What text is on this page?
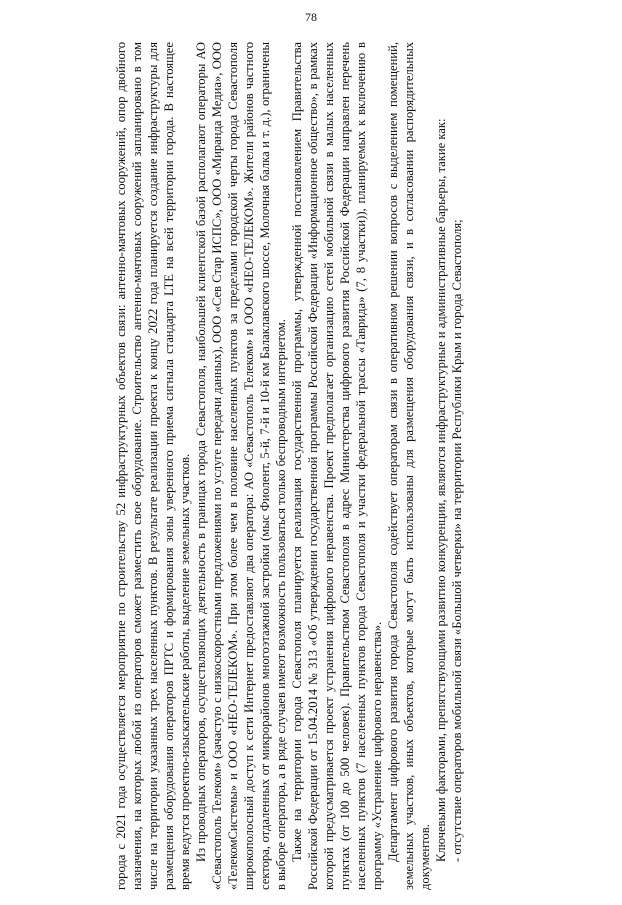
78

города с 2021 года осуществляется мероприятие по строительству 52 инфраструктурных объектов связи: антенно-мачтовых сооружений, опор двойного назначения, на которых любой из операторов сможет разместить свое оборудование. Строительство антенно-мачтовых сооружений запланировано в том числе на территории указанных трех населенных пунктов. В результате реализации проекта к концу 2022 года планируется создание инфраструктуры для размещения оборудования операторов ПРТС и формирования зоны уверенного приема сигнала стандарта LTE на всей территории города. В настоящее время ведутся проектно-изыскательские работы, выделение земельных участков. Из проводных операторов, осуществляющих деятельность в границах города Севастополя, наибольшей клиентской базой располагают операторы АО «Севастополь Телеком» (зачастую с низкоскоростными предложениями по услуге передачи данных), ООО «Сев Стар ИСПС», ООО «Миранда Медиа», ООО «ТелекомСистемы» и ООО «НЕО-ТЕЛЕКОМ». При этом более чем в половине населенных пунктов за пределами городской черты города Севастополя широкополосный доступ к сети Интернет предоставляют два оператора: АО «Севастополь Телеком» и ООО «НЕО-ТЕЛЕКОМ». Жители районов частного сектора, отдаленных от микрорайонов многоэтажной застройки (мыс Фиолент, 5-й, 7-й и 10-й км Балаклавского шоссе, Молочная балка и т. д.), ограничены в выборе оператора, а в ряде случаев имеют возможность пользоваться только беспроводным интернетом. Также на территории города Севастополя планируется реализация государственной программы, утвержденной постановлением Правительства Российской Федерации от 15.04.2014 № 313 «Об утверждении государственной программы Российской Федерации «Информационное общество», в рамках которой предусматривается проект устранения цифрового неравенства. Проект предполагает организацию сетей мобильной связи в малых населенных пунктах (от 100 до 500 человек). Правительством Севастополя в адрес Министерства цифрового развития Российской Федерации направлен перечень населенных пунктов (7 населенных пунктов города Севастополя и участки федеральной трассы «Таврида» (7, 8 участки)), планируемых к включению в программу «Устранение цифрового неравенства». Департамент цифрового развития города Севастополя содействует операторам связи в оперативном решении вопросов с выделением помещений, земельных участков, иных объектов, которые могут быть использованы для размещения оборудования связи, и в согласовании распорядительных документов. Ключевыми факторами, препятствующими развитию конкуренции, являются инфраструктурные и административные барьеры, такие как: - отсутствие операторов мобильной связи «Большой четверки» на территории Республики Крым и города Севастополя;
